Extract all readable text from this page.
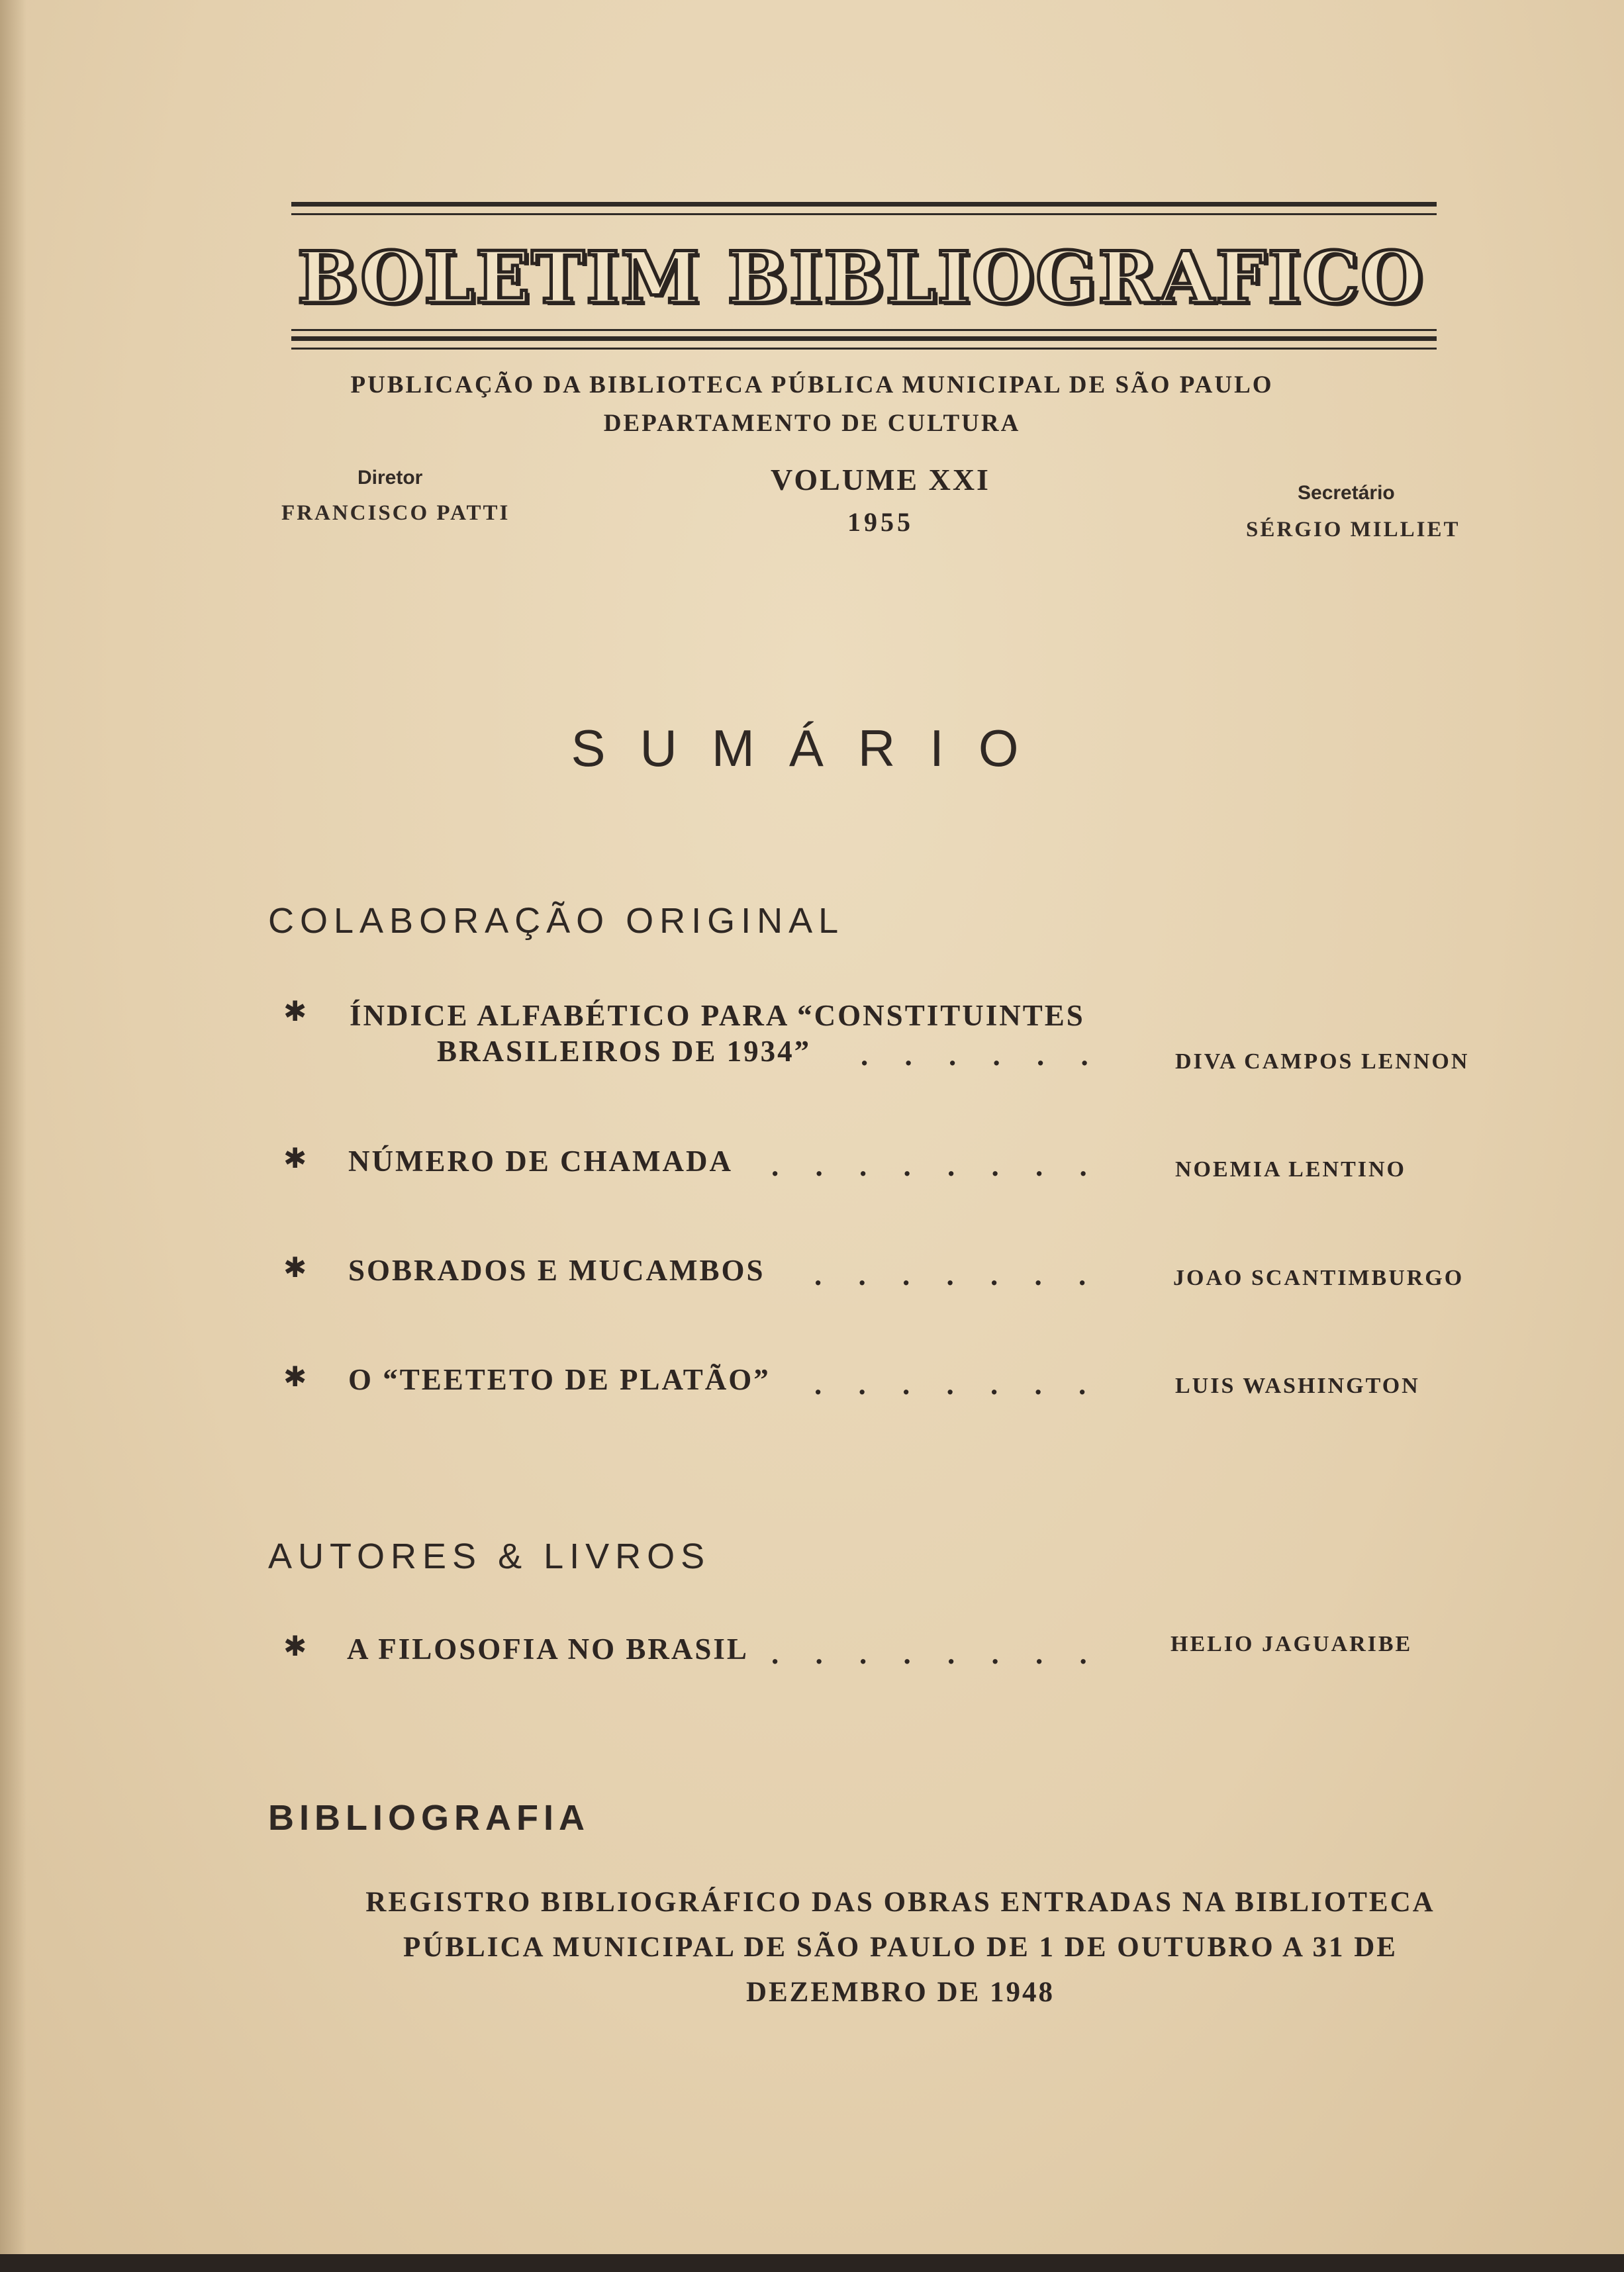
BOLETIM BIBLIOGRAFICO
PUBLICAÇÃO DA BIBLIOTECA PÚBLICA MUNICIPAL DE SÃO PAULO
DEPARTAMENTO DE CULTURA
Diretor
FRANCISCO PATTI
VOLUME XXI
1955
Secretário
SÉRGIO MILLIET
SUMÁRIO
COLABORAÇÃO ORIGINAL
✱ ÍNDICE ALFABÉTICO PARA “CONSTITUINTES
BRASILEIROS DE 1934” . . . . . .	DIVA CAMPOS LENNON
✱ NÚMERO DE CHAMADA . . . . . . . .	NOEMIA LENTINO
✱ SOBRADOS E MUCAMBOS . . . . . . .	JOAO SCANTIMBURGO
✱ O “TEETETO DE PLATÃO” . . . . . . .	LUIS WASHINGTON
AUTORES & LIVROS
✱ A FILOSOFIA NO BRASIL . . . . . . . .	HELIO JAGUARIBE
BIBLIOGRAFIA
REGISTRO BIBLIOGRÁFICO DAS OBRAS ENTRADAS NA BIBLIOTECA
PÚBLICA MUNICIPAL DE SÃO PAULO DE 1 DE OUTUBRO A 31 DE
DEZEMBRO DE 1948
